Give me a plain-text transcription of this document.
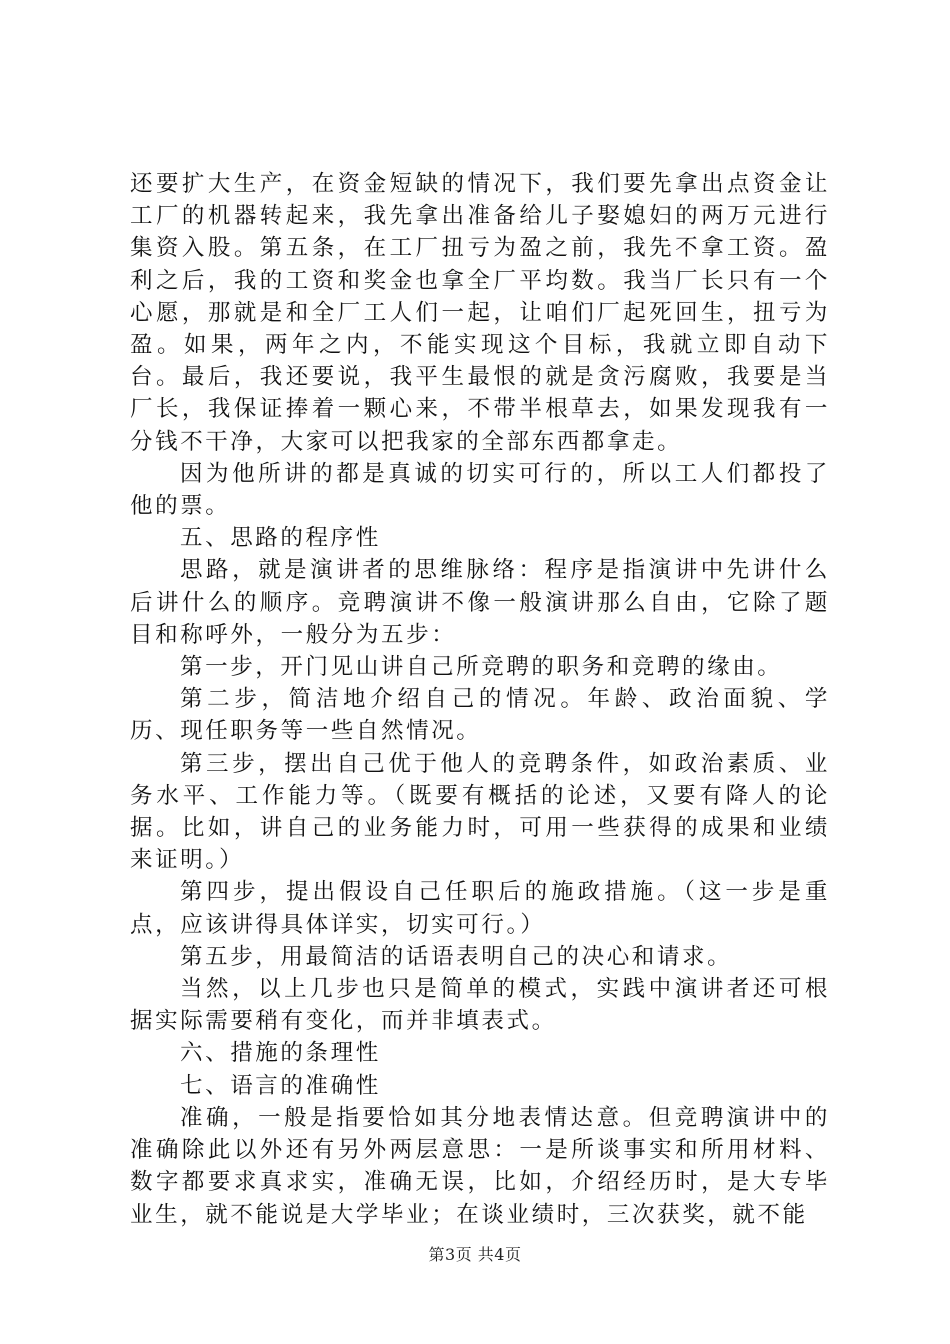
还要扩大生产，在资金短缺的情况下，我们要先拿出点资金让工厂的机器转起来，我先拿出准备给儿子娶媳妇的两万元进行集资入股。第五条，在工厂扭亏为盈之前，我先不拿工资。盈利之后，我的工资和奖金也拿全厂平均数。我当厂长只有一个心愿，那就是和全厂工人们一起，让咱们厂起死回生，扭亏为盈。如果，两年之内，不能实现这个目标，我就立即自动下台。最后，我还要说，我平生最恨的就是贪污腐败，我要是当厂长，我保证捧着一颗心来，不带半根草去，如果发现我有一分钱不干净，大家可以把我家的全部东西都拿走。

因为他所讲的都是真诚的切实可行的，所以工人们都投了他的票。

五、思路的程序性

思路，就是演讲者的思维脉络：程序是指演讲中先讲什么后讲什么的顺序。竞聘演讲不像一般演讲那么自由，它除了题目和称呼外，一般分为五步：

第一步，开门见山讲自己所竞聘的职务和竞聘的缘由。

第二步，简洁地介绍自己的情况。年龄、政治面貌、学历、现任职务等一些自然情况。

第三步，摆出自己优于他人的竞聘条件，如政治素质、业务水平、工作能力等。（既要有概括的论述，又要有降人的论据。比如，讲自己的业务能力时，可用一些获得的成果和业绩来证明。）

第四步，提出假设自己任职后的施政措施。（这一步是重点，应该讲得具体详实，切实可行。）

第五步，用最简洁的话语表明自己的决心和请求。

当然，以上几步也只是简单的模式，实践中演讲者还可根据实际需要稍有变化，而并非填表式。

六、措施的条理性

七、语言的准确性

准确，一般是指要恰如其分地表情达意。但竞聘演讲中的准确除此以外还有另外两层意思：一是所谈事实和所用材料、数字都要求真求实，准确无误，比如，介绍经历时，是大专毕业生，就不能说是大学毕业；在谈业绩时，三次获奖，就不能

第3页 共4页
